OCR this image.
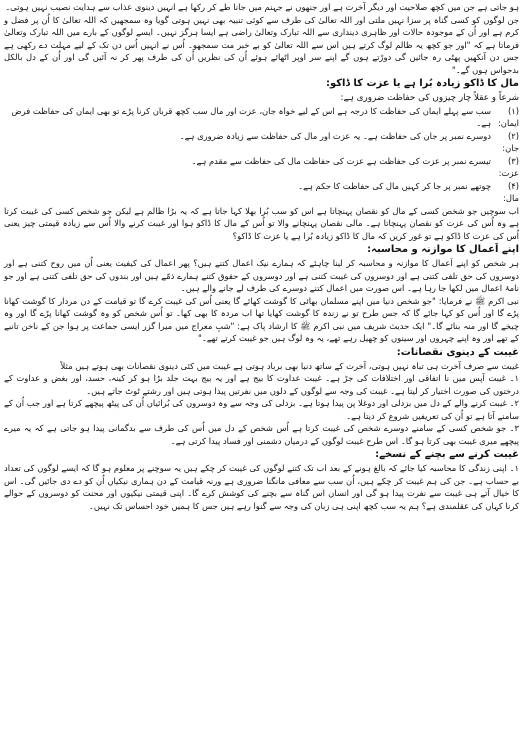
ہو جاتی ہے جن میں کچھ صلاحیت اور دیگر آخرت ہے اور جنھوں نے جہنم میں جانا طے کر رکھا ہے انہیں دینوی عذاب سے ہدایت نصیب نہیں ہوتی۔

جن لوگوں کو کسی گناہ پر سزا نہیں ملتی اور اللہ تعالیٰ کی طرف سے کوئی تنبیہ بھی نہیں ہوتی گویا وہ سمجھیں کہ اللہ تعالیٰ کا اُن پر فضل و کرم ہے اور اُن کے موجودہ حالات اور ظاہری دینداری سے اللہ تبارک وتعالیٰ راضی ہے ایسا ہرگز نہیں۔ ایسے لوگوں کے بارے میں اللہ تبارک وتعالیٰ فرماتا ہے کہ "اور جو کچھ یہ ظالم لوگ کرتے ہیں اس سے اللہ تعالیٰ کو بے خبر مت سمجھو۔ اُس نے انہیں اُس دن تک کے لیے مہلت دے رکھی ہے جس دن آنکھیں پھٹی رہ جائیں گی دوڑتے ہوں گے اپنے سر اوپر اٹھائے ہوئے اُن کی نظریں اُن کی طرف پھر کر نہ آئیں گی اور اُن کے دل بالکل بدحواس ہوں گے۔"

مال کا ڈاکو زیادہ بُرا ہے یا عزت کا ڈاکو:

شرعاً و عقلاً چار چیزوں کی حفاظت ضروری ہے:

(۱) ایمان:
سب سے پہلے ایمان کی حفاظت کا درجہ ہے اس کے لیے خواہ جان، عزت اور مال سب کچھ قربان کرنا پڑے تو بھی ایمان کی حفاظت فرض ہے۔
(۲) جان:
دوسرے نمبر پر جان کی حفاظت ہے۔ یہ عزت اور مال کی حفاظت سے زیادہ ضروری ہے۔
(۳) عزت:
تیسرے نمبر پر عزت کی حفاظت ہے عزت کی حفاظت مال کی حفاظت سے مقدم ہے۔
(۴) مال:
چوتھے نمبر پر جا کر کہیں مال کی حفاظت کا حکم ہے۔

اب سوچیں جو شخص کسی کے مال کو نقصان پہنچاتا ہے اس کو سب بُرا بھلا کہا جاتا ہے کہ یہ بڑا ظالم ہے لیکن جو شخص کسی کی غیبت کرتا ہے وہ اُس کی عزت کو نقصان پہنچاتا ہے۔ مالی نقصان پہنچانے والا تو اُس کے مال کا ڈاکو ہوا اور غیبت کرنے والا اُس سے زیادہ قیمتی چیز یعنی اُس کی عزت کا ڈاکو ہے تو غور کریں کہ مال کا ڈاکو زیادہ بُرا ہے یا عزت کا ڈاکو؟

اپنے اَعمال کا موازنہ و محاسبہ:

ہر شخص کو اپنے اَعمال کا موازنہ و محاسبہ کر لینا چاہئے کہ ہمارے نیک اعمال کتنے ہیں؟ پھر اعمال کی کیفیت یعنی اُن میں روح کتنی ہے اور دوسروں کی حق تلفی کتنی ہے اور دوسروں کی غیبت کتنی ہے اور دوسروں کے حقوق کتنے ہمارے ذمّے ہیں اور بندوں کی حق تلفی کتنی ہے اور جو نامۂ اعمال میں لکھا جا رہا ہے۔ اس صورت میں اعمال کتنے دوسرے کی طرف لے جانے والے ہیں۔

نبی اکرم ﷺ نے فرمایا: "جو شخص دنیا میں اپنے مسلمان بھائی کا گوشت کھائے گا یعنی اُس کی غیبت کرے گا تو قیامت کے دن مردار کا گوشت کھانا پڑے گا اور اُس کو کہا جائے گا کہ جس طرح تو نے زندہ کا گوشت کھایا تھا اب مردہ کا بھی کھا۔ تو اُس شخص کو وہ گوشت کھانا پڑے گا اور وہ چیخے گا اور منہ بنائے گا۔" ایک حدیث شریف میں نبی اکرم ﷺ کا ارشاد پاک ہے: "شبِ معراج میں میرا گزر ایسی جماعت پر ہوا جن کے ناخن تانبے کے تھے اور وہ اپنے چہروں اور سینوں کو چھیل رہے تھے، یہ وہ لوگ ہیں جو غیبت کرتے تھے۔"

غیبت کے دینوی نقصانات:

غیبت سے صرف آخرت ہی تباہ نہیں ہوتی، آخرت کے ساتھ دنیا بھی برباد ہوتی ہے غیبت میں کئی دینوی نقصانات بھی ہوتے ہیں مثلاً

۱۔ غیبت آپس میں نا اتفاقی اور اختلافات کی جڑ ہے۔ غیبت عداوت کا بیج ہے اور یہ بیج بہت جلد بڑا ہو کر کینہ، حسد، اور بغض و عداوت کے درختوں کی صورت اختیار کر لیتا ہے۔ غیبت کی وجہ سے لوگوں کے دلوں میں نفرتیں پیدا ہوتی ہیں اور رشتے ٹوٹ جاتے ہیں۔

۲۔ غیبت کرنے والے کے دل میں بزدلی اور دوغلا پن پیدا ہوتا ہے۔ بزدلی کی وجہ سے وہ دوسروں کی بُرائیاں اُن کی پیٹھ پیچھے کرتا ہے اور جب اُن کے سامنے آتا ہے تو اُن کی تعریفیں شروع کر دیتا ہے۔

۳۔ جو شخص کسی کے سامنے دوسرے شخص کی غیبت کرتا ہے اُس شخص کے دل میں اُس کی طرف سے بدگمانی پیدا ہو جاتی ہے کہ یہ میرے پیچھے میری غیبت بھی کرتا ہو گا۔ اس طرح غیبت لوگوں کے درمیان دشمنی اور فساد پیدا کرتی ہے۔

غیبت کرنے سے بچنے کے نسخے:

۱۔ اپنی زندگی کا محاسبہ کیا جائے کہ بالغ ہونے کے بعد اب تک کتنے لوگوں کی غیبت کر چکے ہیں یہ سوچنے پر معلوم ہو گا کہ ایسے لوگوں کی تعداد بے حساب ہے۔ جن کی ہم غیبت کر چکے ہیں، اُن سب سے معافی مانگنا ضروری ہے ورنہ قیامت کے دن ہماری نیکیاں اُن کو دے دی جائیں گی۔ اس کا خیال آتے ہی غیبت سے نفرت پیدا ہو گی اور انسان اس گناہ سے بچنے کی کوشش کرے گا۔ اپنی قیمتی نیکیوں اور محنت کو دوسروں کے حوالے کرنا کہاں کی عقلمندی ہے؟ ہم یہ سب کچھ اپنی ہی زبان کی وجہ سے گنوا رہے ہیں جس کا ہمیں خود احساس تک نہیں۔
